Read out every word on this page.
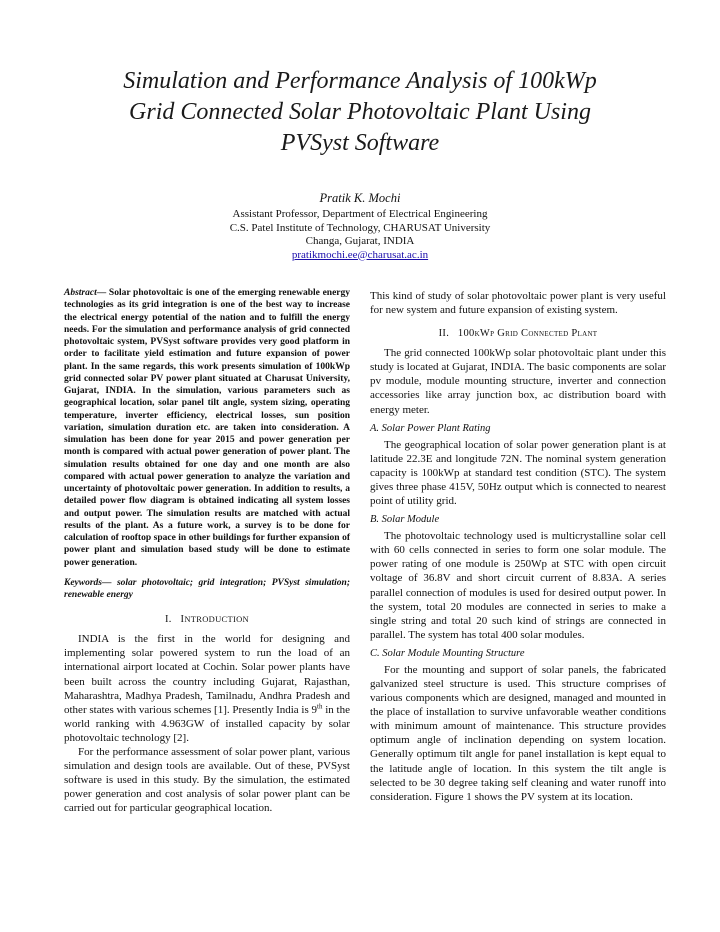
Simulation and Performance Analysis of 100kWp
Grid Connected Solar Photovoltaic Plant Using
PVSyst Software
Pratik K. Mochi
Assistant Professor, Department of Electrical Engineering
C.S. Patel Institute of Technology, CHARUSAT University
Changa, Gujarat, INDIA
pratikmochi.ee@charusat.ac.in

Abstract— Solar photovoltaic is one of the emerging renewable energy technologies as its grid integration is one of the best way to increase the electrical energy potential of the nation and to fulfill the energy needs. For the simulation and performance analysis of grid connected photovoltaic system, PVSyst software provides very good platform in order to facilitate yield estimation and future expansion of power plant. In the same regards, this work presents simulation of 100kWp grid connected solar PV power plant situated at Charusat University, Gujarat, INDIA. In the simulation, various parameters such as geographical location, solar panel tilt angle, system sizing, operating temperature, inverter efficiency, electrical losses, sun position variation, simulation duration etc. are taken into consideration. A simulation has been done for year 2015 and power generation per month is compared with actual power generation of power plant. The simulation results obtained for one day and one month are also compared with actual power generation to analyze the variation and uncertainty of photovoltaic power generation. In addition to results, a detailed power flow diagram is obtained indicating all system losses and output power. The simulation results are matched with actual results of the plant. As a future work, a survey is to be done for calculation of rooftop space in other buildings for further expansion of power plant and simulation based study will be done to estimate power generation.

Keywords— solar photovoltaic; grid integration; PVSyst simulation; renewable energy

I. INTRODUCTION

INDIA is the first in the world for designing and implementing solar powered system to run the load of an international airport located at Cochin. Solar power plants have been built across the country including Gujarat, Rajasthan, Maharashtra, Madhya Pradesh, Tamilnadu, Andhra Pradesh and other states with various schemes [1]. Presently India is 9th in the world ranking with 4.963GW of installed capacity by solar photovoltaic technology [2].

For the performance assessment of solar power plant, various simulation and design tools are available. Out of these, PVSyst software is used in this study. By the simulation, the estimated power generation and cost analysis of solar power plant can be carried out for particular geographical location.

This kind of study of solar photovoltaic power plant is very useful for new system and future expansion of existing system.

II. 100kWp Grid Connected Plant

The grid connected 100kWp solar photovoltaic plant under this study is located at Gujarat, INDIA. The basic components are solar pv module, module mounting structure, inverter and connection accessories like array junction box, ac distribution board with energy meter.

A. Solar Power Plant Rating

The geographical location of solar power generation plant is at latitude 22.3E and longitude 72N. The nominal system generation capacity is 100kWp at standard test condition (STC). The system gives three phase 415V, 50Hz output which is connected to nearest point of utility grid.

B. Solar Module

The photovoltaic technology used is multicrystalline solar cell with 60 cells connected in series to form one solar module. The power rating of one module is 250Wp at STC with open circuit voltage of 36.8V and short circuit current of 8.83A. A series parallel connection of modules is used for desired output power. In the system, total 20 modules are connected in series to make a single string and total 20 such kind of strings are connected in parallel. The system has total 400 solar modules.

C. Solar Module Mounting Structure

For the mounting and support of solar panels, the fabricated galvanized steel structure is used. This structure comprises of various components which are designed, managed and mounted in the place of installation to survive unfavorable weather conditions with minimum amount of maintenance. This structure provides optimum angle of inclination depending on system location. Generally optimum tilt angle for panel installation is kept equal to the latitude angle of location. In this system the tilt angle is selected to be 30 degree taking self cleaning and water runoff into consideration. Figure 1 shows the PV system at its location.
